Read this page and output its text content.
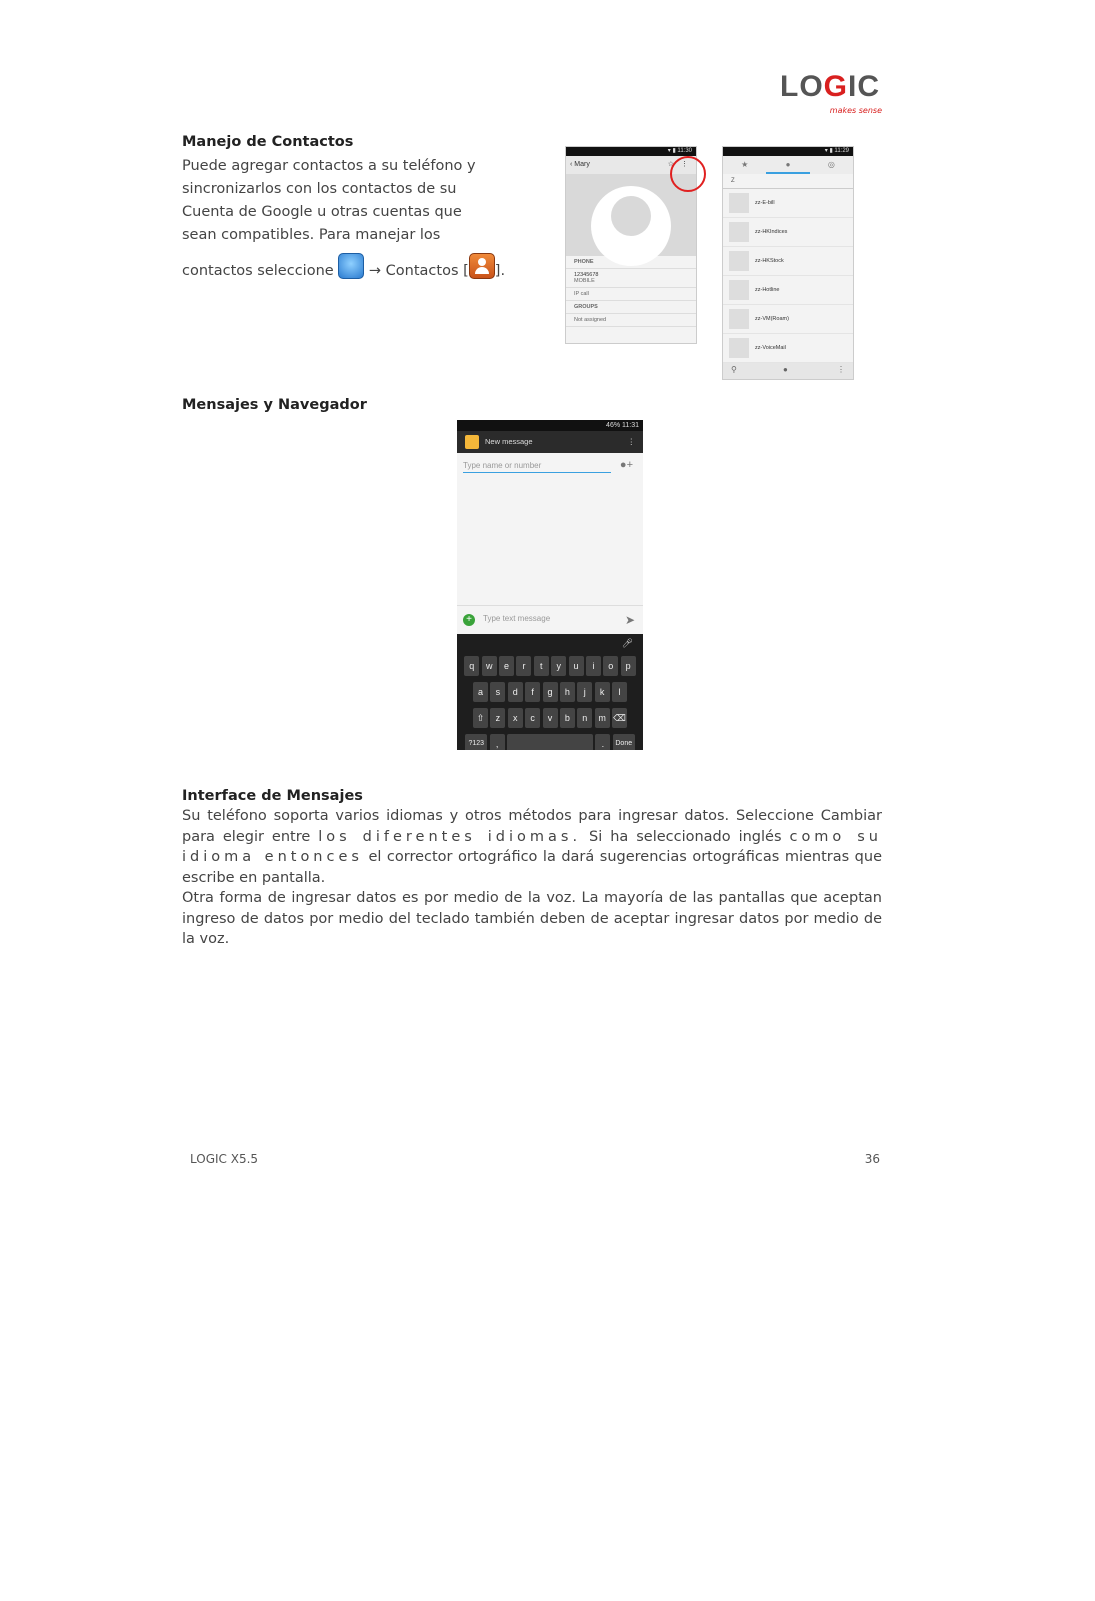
LOGIC
makes sense
Manejo de Contactos
Puede agregar contactos a su teléfono y
sincronizarlos con los contactos de su
Cuenta de Google u otras cuentas que
sean compatibles. Para manejar los
contactos seleccione → Contactos [ ].
▾ ▮ 11:30
‹ Mary	☆ ⋮
PHONE
12345678
MOBILE
IP call
GROUPS
Not assigned
▾ ▮ 11:29
★	●	◎
Z
zz-E-bill
zz-HKIndices
zz-HKStock
zz-Hotline
zz-VM(Roam)
zz-VoiceMail
⚲	●	⋮
Mensajes y Navegador
46% 11:31
New message	⋮
Type name or number	●+
+	Type text message	➤
🎤︎
q	w	e	r	t	y	u	i	o	p
a	s	d	f	g	h	j	k	l
⇧	z	x	c	v	b	n	m ⌫
?123	,	.	Done
Interface de Mensajes
Su teléfono soporta varios idiomas y otros métodos para ingresar datos. Seleccione Cambiar para elegir entre los diferentes idiomas. Si ha seleccionado inglés como su idioma entonces el corrector ortográfico la dará sugerencias ortográficas mientras que escribe en pantalla.
Otra forma de ingresar datos es por medio de la voz. La mayoría de las pantallas que aceptan ingreso de datos por medio del teclado también deben de aceptar ingresar datos por medio de la voz.
LOGIC X5.5	36
